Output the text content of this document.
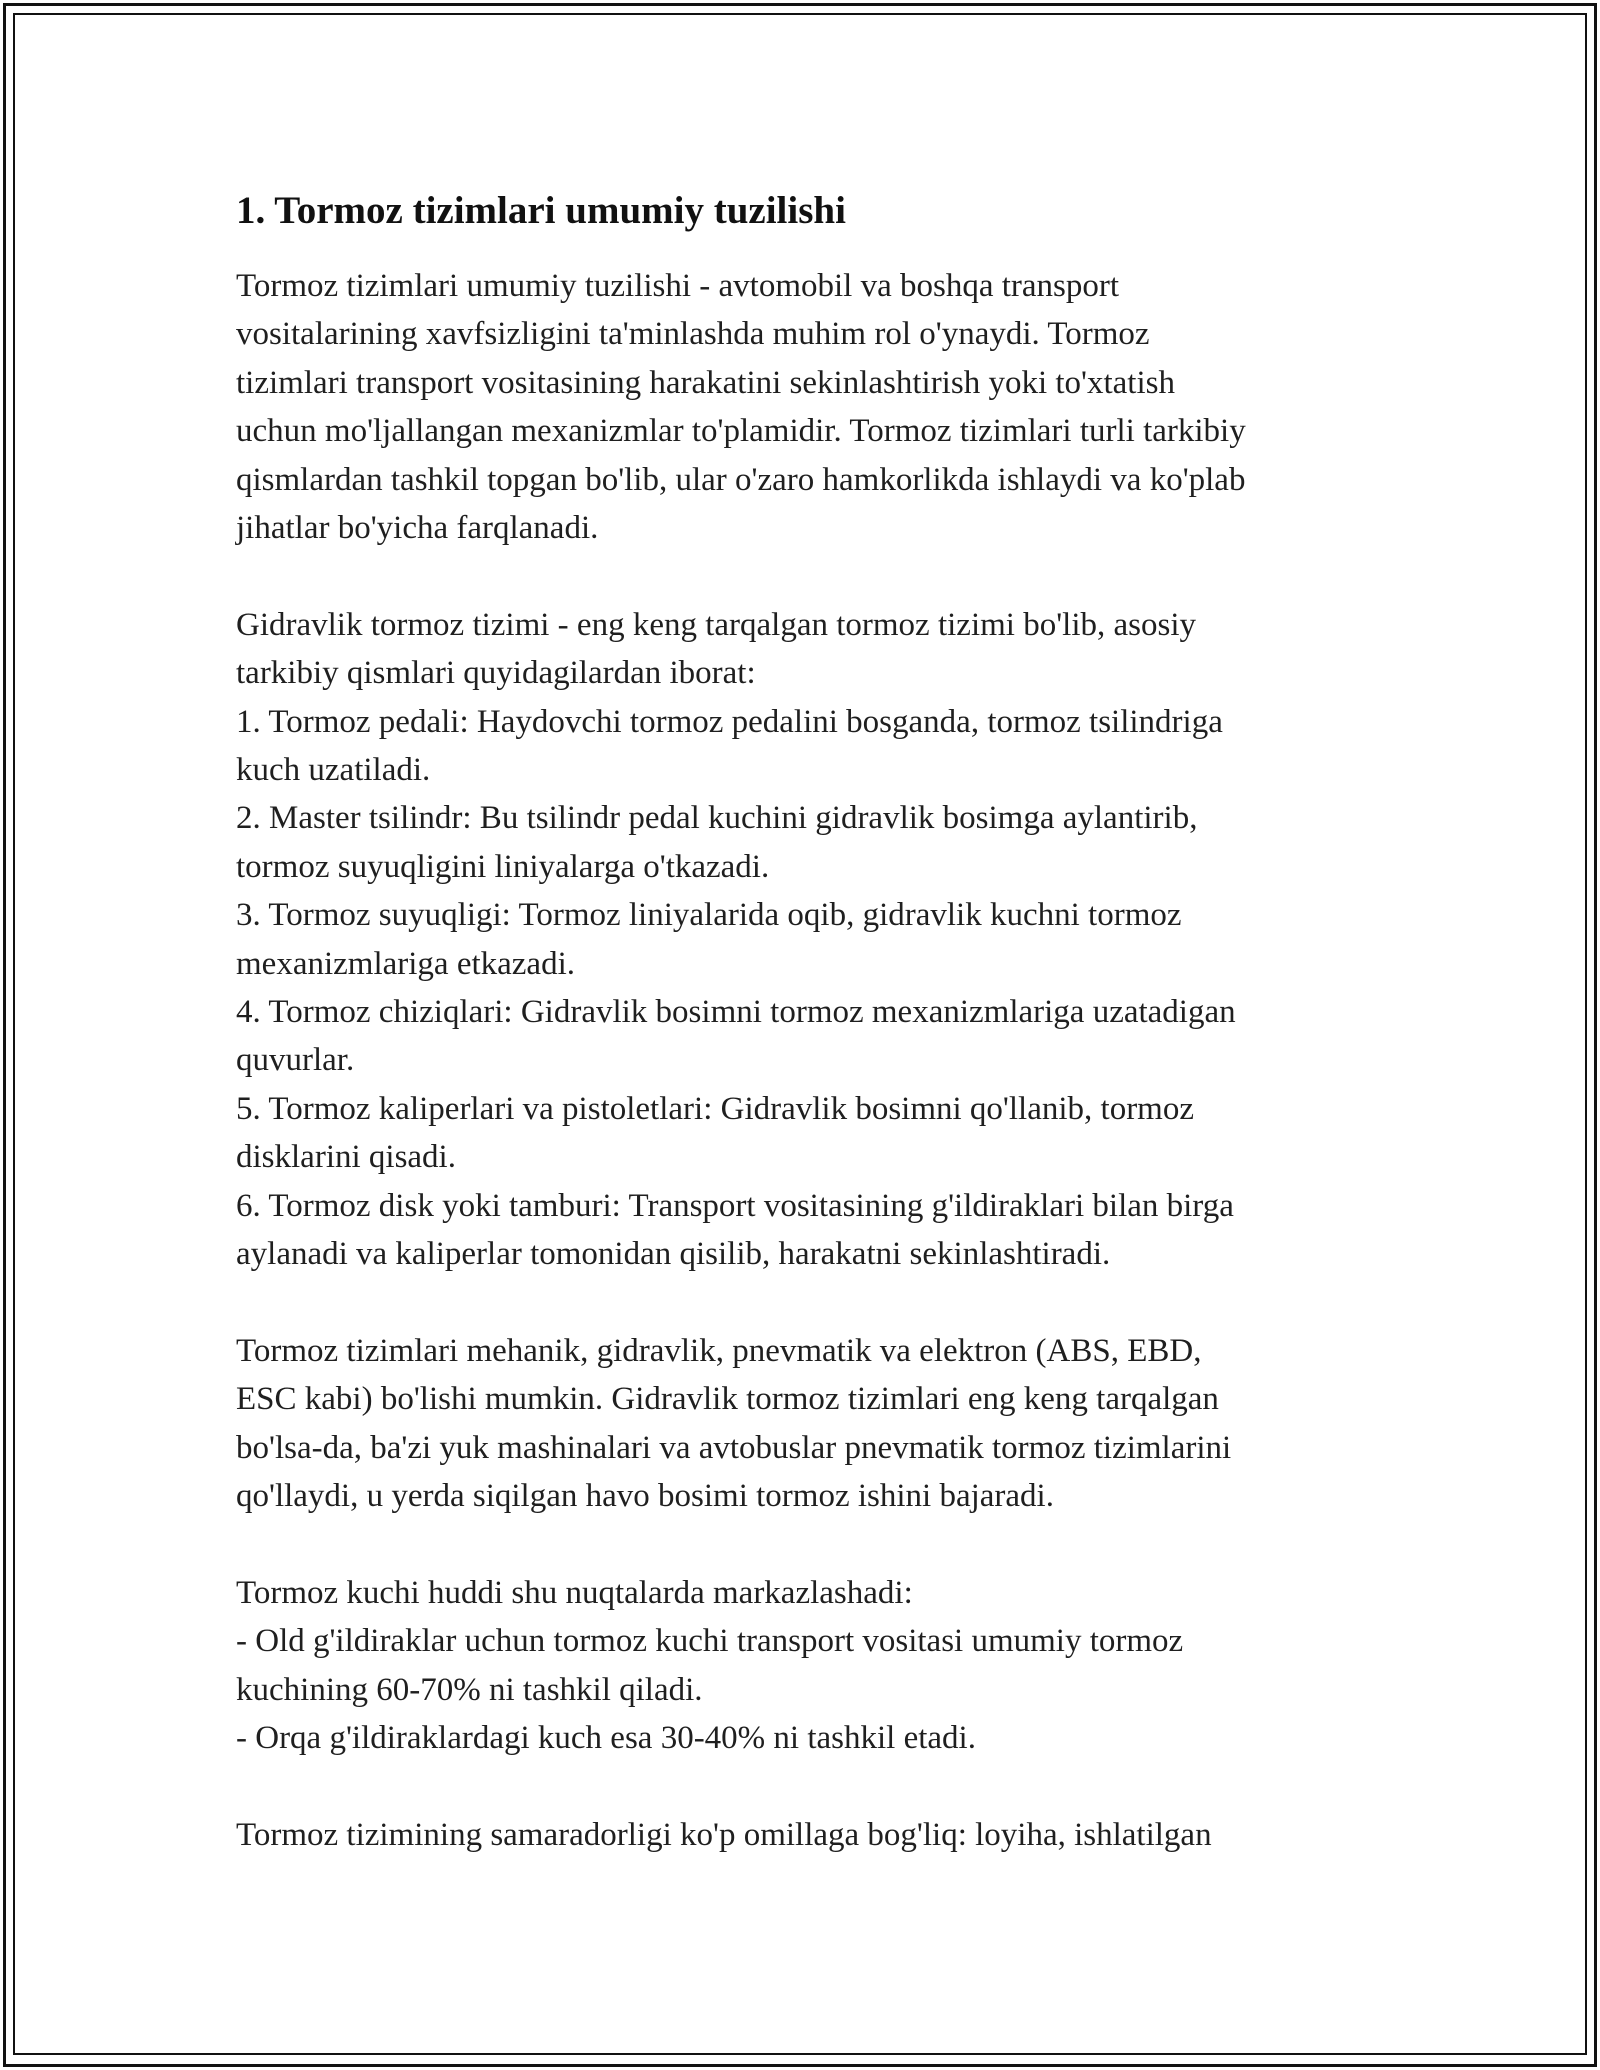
1. Tormoz tizimlari umumiy tuzilishi
Tormoz tizimlari umumiy tuzilishi - avtomobil va boshqa transport
vositalarining xavfsizligini ta'minlashda muhim rol o'ynaydi. Tormoz
tizimlari transport vositasining harakatini sekinlashtirish yoki to'xtatish
uchun mo'ljallangan mexanizmlar to'plamidir. Tormoz tizimlari turli tarkibiy
qismlardan tashkil topgan bo'lib, ular o'zaro hamkorlikda ishlaydi va ko'plab
jihatlar bo'yicha farqlanadi.
Gidravlik tormoz tizimi - eng keng tarqalgan tormoz tizimi bo'lib, asosiy
tarkibiy qismlari quyidagilardan iborat:
1. Tormoz pedali: Haydovchi tormoz pedalini bosganda, tormoz tsilindriga
kuch uzatiladi.
2. Master tsilindr: Bu tsilindr pedal kuchini gidravlik bosimga aylantirib,
tormoz suyuqligini liniyalarga o'tkazadi.
3. Tormoz suyuqligi: Tormoz liniyalarida oqib, gidravlik kuchni tormoz
mexanizmlariga etkazadi.
4. Tormoz chiziqlari: Gidravlik bosimni tormoz mexanizmlariga uzatadigan
quvurlar.
5. Tormoz kaliperlari va pistoletlari: Gidravlik bosimni qo'llanib, tormoz
disklarini qisadi.
6. Tormoz disk yoki tamburi: Transport vositasining g'ildiraklari bilan birga
aylanadi va kaliperlar tomonidan qisilib, harakatni sekinlashtiradi.
Tormoz tizimlari mehanik, gidravlik, pnevmatik va elektron (ABS, EBD,
ESC kabi) bo'lishi mumkin. Gidravlik tormoz tizimlari eng keng tarqalgan
bo'lsa-da, ba'zi yuk mashinalari va avtobuslar pnevmatik tormoz tizimlarini
qo'llaydi, u yerda siqilgan havo bosimi tormoz ishini bajaradi.
Tormoz kuchi huddi shu nuqtalarda markazlashadi:
- Old g'ildiraklar uchun tormoz kuchi transport vositasi umumiy tormoz
kuchining 60-70% ni tashkil qiladi.
- Orqa g'ildiraklardagi kuch esa 30-40% ni tashkil etadi.
Tormoz tizimining samaradorligi ko'p omillaga bog'liq: loyiha, ishlatilgan
